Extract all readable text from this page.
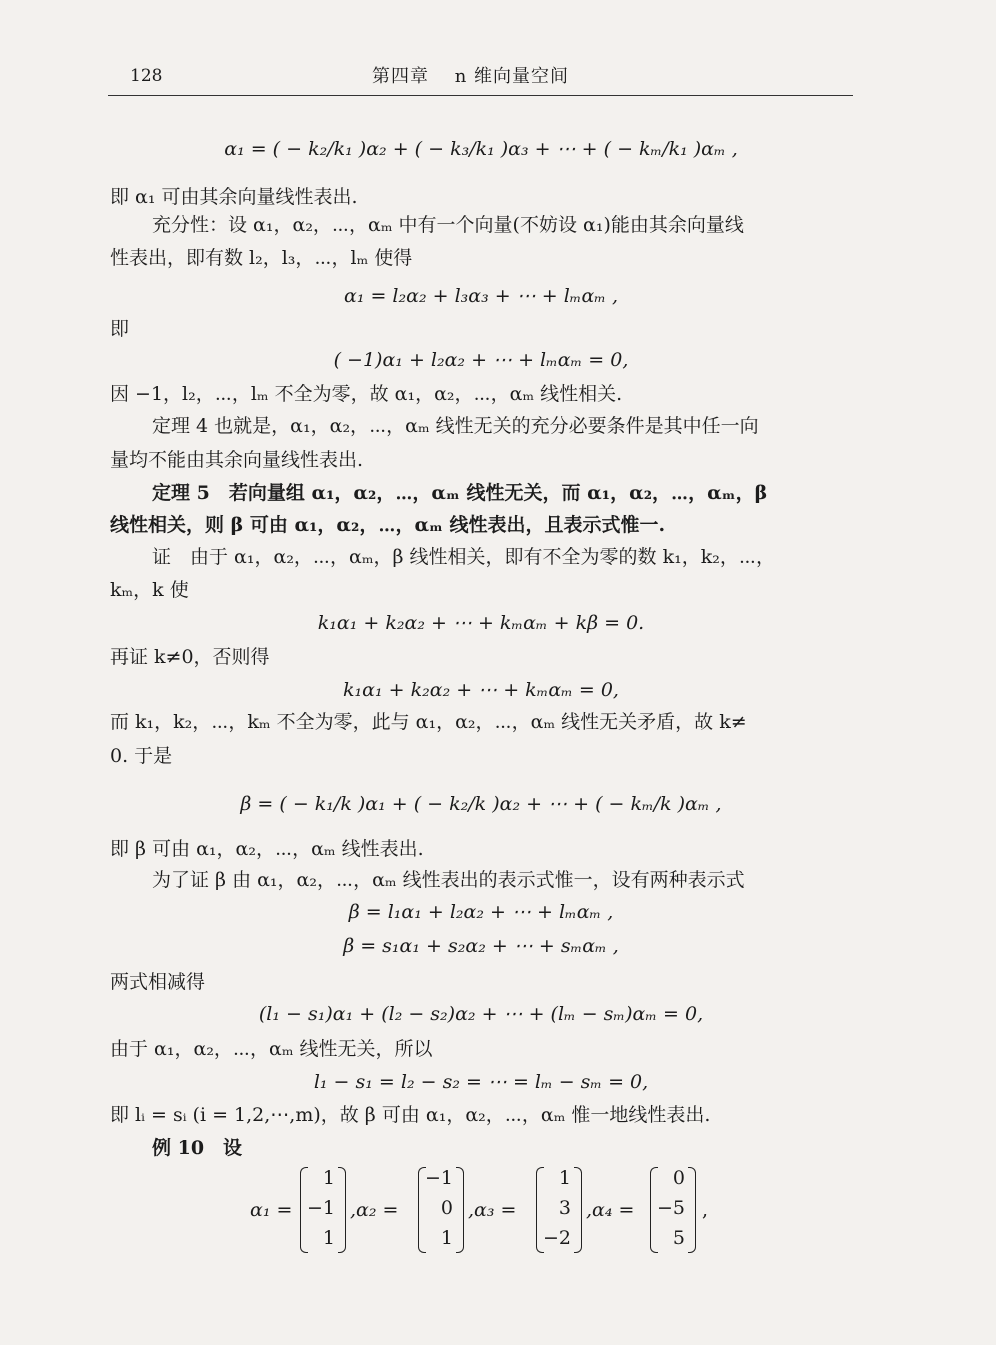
128	第四章　 n 维向量空间
α₁ = ( − k₂/k₁ )α₂ + ( − k₃/k₁ )α₃ + ⋯ + ( − kₘ/k₁ )αₘ ,
即 α₁ 可由其余向量线性表出.
充分性：设 α₁，α₂，⋯，αₘ 中有一个向量(不妨设 α₁)能由其余向量线
性表出，即有数 l₂，l₃，⋯，lₘ 使得
α₁ = l₂α₂ + l₃α₃ + ⋯ + lₘαₘ ,
即
( −1)α₁ + l₂α₂ + ⋯ + lₘαₘ = 0,
因 −1，l₂，⋯，lₘ 不全为零，故 α₁，α₂，⋯，αₘ 线性相关.
定理 4 也就是，α₁，α₂，⋯，αₘ 线性无关的充分必要条件是其中任一向
量均不能由其余向量线性表出.
定理 5　若向量组 α₁，α₂，⋯，αₘ 线性无关，而 α₁，α₂，⋯，αₘ，β
线性相关，则 β 可由 α₁，α₂，⋯，αₘ 线性表出，且表示式惟一.
证　由于 α₁，α₂，⋯，αₘ，β 线性相关，即有不全为零的数 k₁，k₂，⋯，
kₘ，k 使
k₁α₁ + k₂α₂ + ⋯ + kₘαₘ + kβ = 0.
再证 k≠0，否则得
k₁α₁ + k₂α₂ + ⋯ + kₘαₘ = 0,
而 k₁，k₂，⋯，kₘ 不全为零，此与 α₁，α₂，⋯，αₘ 线性无关矛盾，故 k≠
0. 于是
β = ( − k₁/k )α₁ + ( − k₂/k )α₂ + ⋯ + ( − kₘ/k )αₘ ,
即 β 可由 α₁，α₂，⋯，αₘ 线性表出.
为了证 β 由 α₁，α₂，⋯，αₘ 线性表出的表示式惟一，设有两种表示式
β = l₁α₁ + l₂α₂ + ⋯ + lₘαₘ ,
β = s₁α₁ + s₂α₂ + ⋯ + sₘαₘ ,
两式相减得
(l₁ − s₁)α₁ + (l₂ − s₂)α₂ + ⋯ + (lₘ − sₘ)αₘ = 0,
由于 α₁，α₂，⋯，αₘ 线性无关，所以
l₁ − s₁ = l₂ − s₂ = ⋯ = lₘ − sₘ = 0,
即 lᵢ = sᵢ (i = 1,2,⋯,m)，故 β 可由 α₁，α₂，⋯，αₘ 惟一地线性表出.
例 10　设
α₁ =
1
−1
1
,α₂ =
−1
0
1
,α₃ =
1
3
−2
,α₄ =
0
−5
5
,
